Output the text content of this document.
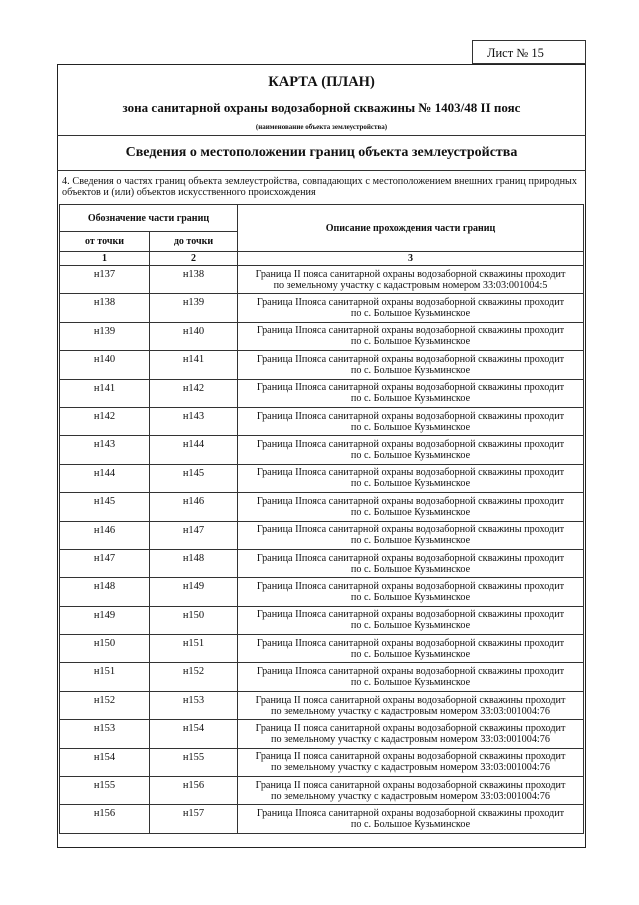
Лист № 15
КАРТА (ПЛАН)
зона санитарной охраны водозаборной скважины № 1403/48 II пояс
(наименование объекта землеустройства)
Сведения о местоположении границ объекта землеустройства
4. Сведения о частях границ объекта землеустройства, совпадающих с местоположением внешних границ природных объектов и (или) объектов искусственного происхождения
Обозначение части границ		Описание прохождения части границ
от точки	до точки	
1	2	3
н137	н138	Граница II пояса санитарной охраны водозаборной скважины проходит
по земельному участку с кадастровым номером 33:03:001004:5

н138	н139	Граница IIпояса санитарной охраны водозаборной скважины проходит
по с. Большое Кузьминское

н139	н140	Граница IIпояса санитарной охраны водозаборной скважины проходит
по с. Большое Кузьминское

н140	н141	Граница IIпояса санитарной охраны водозаборной скважины проходит
по с. Большое Кузьминское

н141	н142	Граница IIпояса санитарной охраны водозаборной скважины проходит
по с. Большое Кузьминское

н142	н143	Граница IIпояса санитарной охраны водозаборной скважины проходит
по с. Большое Кузьминское

н143	н144	Граница IIпояса санитарной охраны водозаборной скважины проходит
по с. Большое Кузьминское

н144	н145	Граница IIпояса санитарной охраны водозаборной скважины проходит
по с. Большое Кузьминское

н145	н146	Граница IIпояса санитарной охраны водозаборной скважины проходит
по с. Большое Кузьминское

н146	н147	Граница IIпояса санитарной охраны водозаборной скважины проходит
по с. Большое Кузьминское

н147	н148	Граница IIпояса санитарной охраны водозаборной скважины проходит
по с. Большое Кузьминское

н148	н149	Граница IIпояса санитарной охраны водозаборной скважины проходит
по с. Большое Кузьминское

н149	н150	Граница IIпояса санитарной охраны водозаборной скважины проходит
по с. Большое Кузьминское

н150	н151	Граница IIпояса санитарной охраны водозаборной скважины проходит
по с. Большое Кузьминское

н151	н152	Граница IIпояса санитарной охраны водозаборной скважины проходит
по с. Большое Кузьминское

н152	н153	Граница II пояса санитарной охраны водозаборной скважины проходит
по земельному участку с кадастровым номером 33:03:001004:76

н153	н154	Граница II пояса санитарной охраны водозаборной скважины проходит
по земельному участку с кадастровым номером 33:03:001004:76

н154	н155	Граница II пояса санитарной охраны водозаборной скважины проходит
по земельному участку с кадастровым номером 33:03:001004:76

н155	н156	Граница II пояса санитарной охраны водозаборной скважины проходит
по земельному участку с кадастровым номером 33:03:001004:76

н156	н157	Граница IIпояса санитарной охраны водозаборной скважины проходит
по с. Большое Кузьминское
